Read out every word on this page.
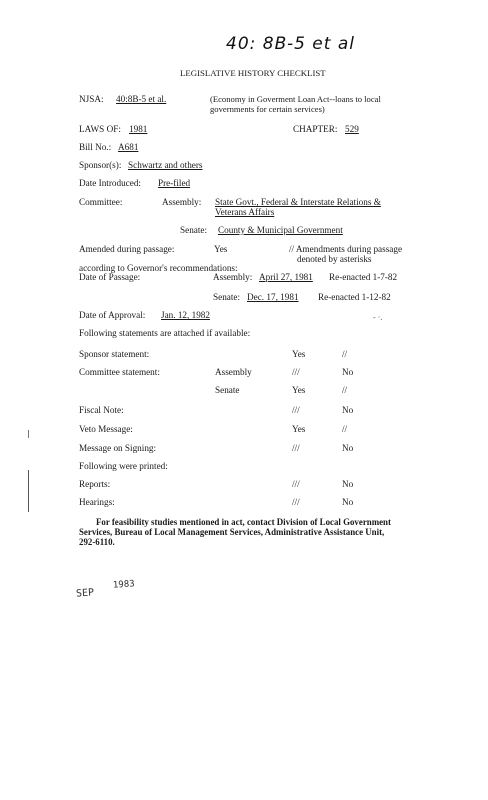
40: 8B-5 et al
LEGISLATIVE HISTORY CHECKLIST
NJSA: 40:8B-5 et al.	(Economy in Goverment Loan Act--loans to local
governments for certain services)
LAWS OF: 1981	CHAPTER: 529
Bill No.: A681
Sponsor(s): Schwartz and others
Date Introduced: Pre-filed
Committee:	Assembly: State Govt., Federal & Interstate Relations &
Veterans Affairs
Senate: County & Municipal Government
Amended during passage:	Yes	// Amendments during passage
denoted by asterisks
according to Governor's recommendations:
Date of Passage:	Assembly: April 27, 1981 Re-enacted 1-7-82
Senate: Dec. 17, 1981 Re-enacted 1-12-82
Date of Approval: Jan. 12, 1982	- ·.
Following statements are attached if available:
Sponsor statement:	Yes	//
Committee statement:	Assembly	///	No
Senate	Yes	//
Fiscal Note:	///	No
Veto Message:	Yes	//
Message on Signing:	///	No
Following were printed:
Reports:	///	No
Hearings:	///	No
For feasibility studies mentioned in act, contact Division of Local Government
Services, Bureau of Local Management Services, Administrative Assistance Unit,
292-6110.
SEP
1983
